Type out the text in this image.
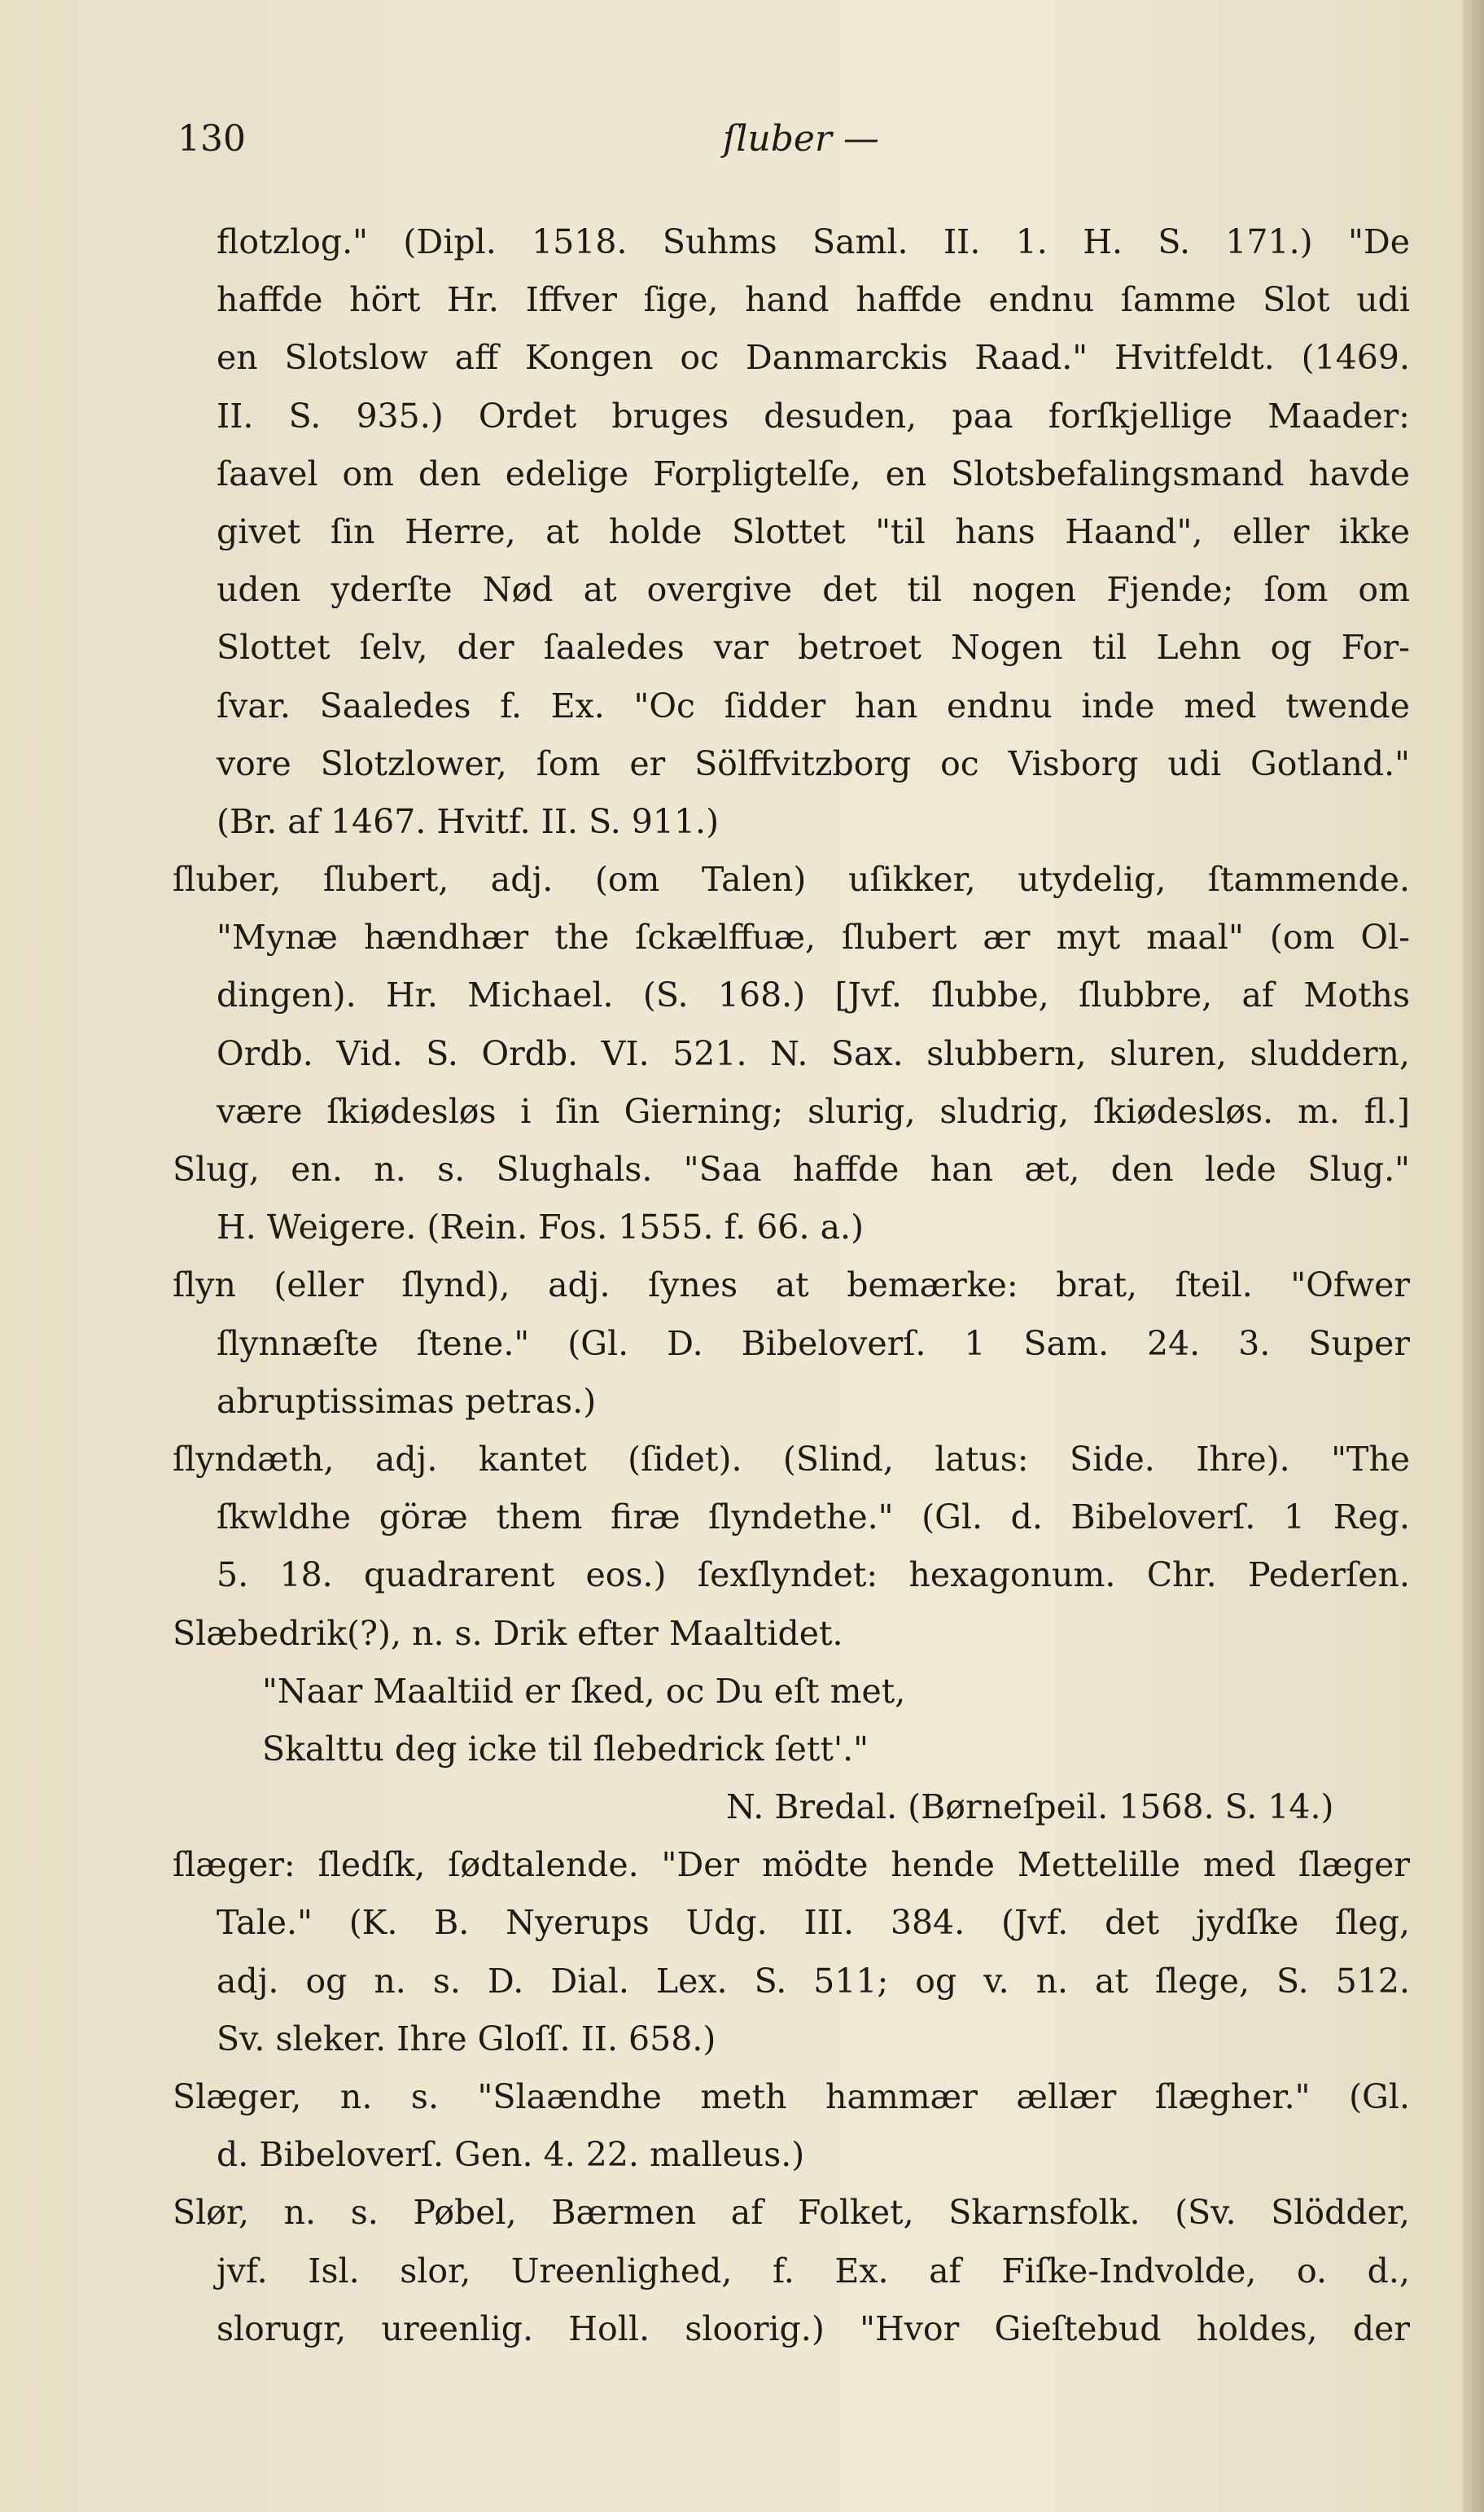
130	ſluber —
flotzlog." (Dipl. 1518. Suhms Saml. II. 1. H. S. 171.) "De
haffde hört Hr. Iffver ſige, hand haffde endnu ſamme Slot udi
en Slotslow aff Kongen oc Danmarckis Raad." Hvitfeldt. (1469.
II. S. 935.) Ordet bruges desuden, paa forſkjellige Maader:
ſaavel om den edelige Forpligtelſe, en Slotsbefalingsmand havde
givet ſin Herre, at holde Slottet "til hans Haand", eller ikke
uden yderſte Nød at overgive det til nogen Fjende; ſom om
Slottet ſelv, der ſaaledes var betroet Nogen til Lehn og For-
ſvar. Saaledes f. Ex. "Oc ſidder han endnu inde med twende
vore Slotzlower, ſom er Sölffvitzborg oc Visborg udi Gotland."
(Br. af 1467. Hvitf. II. S. 911.)
ſluber, ſlubert, adj. (om Talen) uſikker, utydelig, ſtammende.
"Mynæ hændhær the ſckælffuæ, ſlubert ær myt maal" (om Ol-
dingen). Hr. Michael. (S. 168.) [Jvf. ſlubbe, ſlubbre, af Moths
Ordb. Vid. S. Ordb. VI. 521. N. Sax. slubbern, sluren, sluddern,
være ſkiødesløs i ſin Gierning; slurig, sludrig, ſkiødesløs. m. fl.]
Slug, en. n. s. Slughals. "Saa haffde han æt, den lede Slug."
H. Weigere. (Rein. Fos. 1555. f. 66. a.)
ſlyn (eller ſlynd), adj. ſynes at bemærke: brat, ſteil. "Ofwer
ſlynnæſte ſtene." (Gl. D. Bibeloverſ. 1 Sam. 24. 3. Super
abruptissimas petras.)
ſlyndæth, adj. kantet (ſidet). (Slind, latus: Side. Ihre). "The
ſkwldhe göræ them firæ ſlyndethe." (Gl. d. Bibeloverſ. 1 Reg.
5. 18. quadrarent eos.) ſexſlyndet: hexagonum. Chr. Pederſen.
Slæbedrik(?), n. s. Drik efter Maaltidet.
"Naar Maaltiid er ſked, oc Du eſt met,
Skalttu deg icke til ſlebedrick ſett'."
N. Bredal. (Børneſpeil. 1568. S. 14.)
ſlæger: ſledſk, ſødtalende. "Der mödte hende Mettelille med ſlæger
Tale." (K. B. Nyerups Udg. III. 384. (Jvf. det jydſke ſleg,
adj. og n. s. D. Dial. Lex. S. 511; og v. n. at ſlege, S. 512.
Sv. sleker. Ihre Gloſſ. II. 658.)
Slæger, n. s. "Slaændhe meth hammær ællær ſlægher." (Gl.
d. Bibeloverſ. Gen. 4. 22. malleus.)
Slør, n. s. Pøbel, Bærmen af Folket, Skarnsfolk. (Sv. Slödder,
jvf. Isl. slor, Ureenlighed, f. Ex. af Fiſke-Indvolde, o. d.,
slorugr, ureenlig. Holl. sloorig.) "Hvor Gieſtebud holdes, der
